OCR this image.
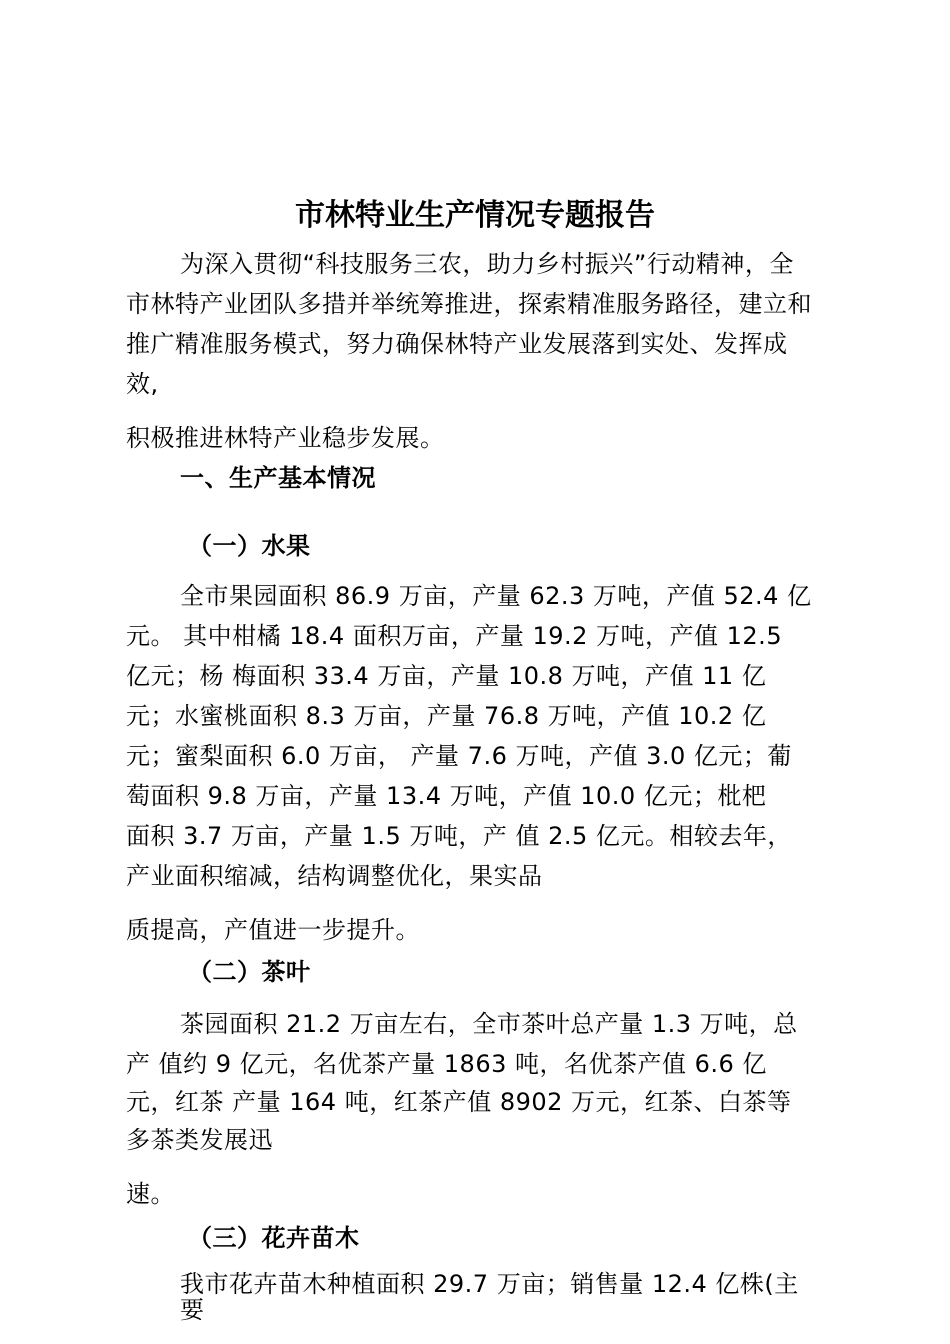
市林特业生产情况专题报告
为深入贯彻“科技服务三农，助力乡村振兴”行动精神，全
市林特产业团队多措并举统筹推进，探索精准服务路径，建立和
推广精准服务模式，努力确保林特产业发展落到实处、发挥成
效,
积极推进林特产业稳步发展。
一、生产基本情况
（一）水果
全市果园面积 86.9 万亩，产量 62.3 万吨，产值 52.4 亿
元。 其中柑橘 18.4 面积万亩，产量 19.2 万吨，产值 12.5
亿元；杨 梅面积 33.4 万亩，产量 10.8 万吨，产值 11 亿
元；水蜜桃面积 8.3 万亩，产量 76.8 万吨，产值 10.2 亿
元；蜜梨面积 6.0 万亩， 产量 7.6 万吨，产值 3.0 亿元；葡
萄面积 9.8 万亩，产量 13.4 万吨，产值 10.0 亿元；枇杷
面积 3.7 万亩，产量 1.5 万吨，产 值 2.5 亿元。相较去年，
产业面积缩减，结构调整优化，果实品
质提高，产值进一步提升。
（二）茶叶
茶园面积 21.2 万亩左右，全市茶叶总产量 1.3 万吨，总
产 值约 9 亿元，名优茶产量 1863 吨，名优茶产值 6.6 亿
元，红茶 产量 164 吨，红茶产值 8902 万元，红茶、白茶等
多茶类发展迅
速。
（三）花卉苗木
我市花卉苗木种植面积 29.7 万亩；销售量 12.4 亿株(主
要
